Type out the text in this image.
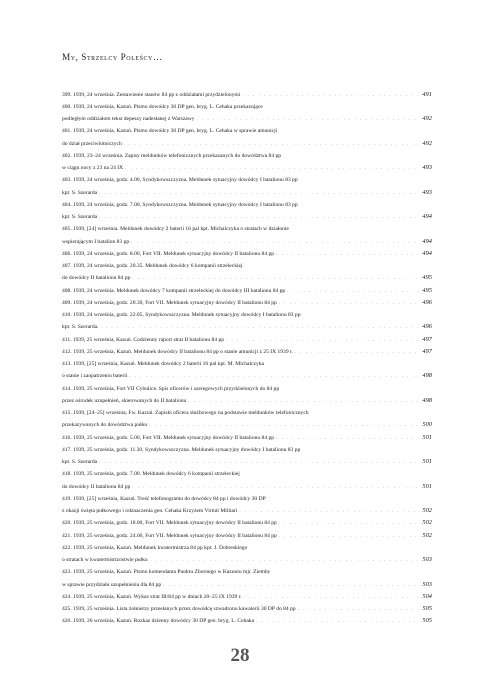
My, Strzelcy Poleścy…
399. 1939, 24 września. Zestawienie stanów 84 pp z oddziałami przydzielonymi . . .	491
400. 1939, 24 września, Kazuń. Pismo dowódcy 30 DP gen. bryg. L. Cehaka przekazujące
podległym oddziałom tekst depeszy nadesłanej z Warszawy . . .	492
401. 1939, 24 września, Kazuń. Pismo dowódcy 30 DP gen. bryg. L. Cehaka w sprawie amunicji
do dział przeciwlotniczych . . .	492
402. 1939, 23–24 września. Zapisy meldunków telefonicznych przekazanych do dowództwa 84 pp
w ciągu nocy z 23 na 24 IX . . .	493
403. 1939, 24 września, godz. 4.00, Syndykowszczyzna. Meldunek sytuacyjny dowódcy I batalionu 83 pp
kpt. S. Szerarda . . .	493
404. 1939, 24 września, godz. 7.00, Syndykowszczyzna. Meldunek sytuacyjny dowódcy I batalionu 83 pp
kpt. S. Szerarda . . .	494
405. 1939, [24] września. Meldunek dowódcy 2 baterii 16 pal kpt. Michalczyka o stratach w działonie
wspierającym I batalion 83 pp . . .	494
406. 1939, 24 września, godz. 8.00, Fort VII. Meldunek sytuacyjny dowódcy II batalionu 84 pp . . .	494
407. 1939, 24 września, godz. 20.35. Meldunek dowódcy 6 kompanii strzeleckiej
do dowódcy II batalionu 84 pp . . .	495
408. 1939, 24 września. Meldunek dowódcy 7 kompanii strzeleckiej do dowódcy III batalionu 84 pp . . .	495
409. 1939, 24 września, godz. 20.30, Fort VII. Meldunek sytuacyjny dowódcy II batalionu 84 pp . . .	496
410. 1939, 24 września, godz. 22.05, Syndykowszczyzna. Meldunek sytuacyjny dowódcy I batalionu 83 pp
kpt. S. Szerarda. . . .	496
411. 1939, 25 września, Kazuń. Codzienny raport strat II batalionu 84 pp . . .	497
412. 1939, 25 września, Kazuń. Meldunek dowódcy II batalionu 84 pp o stanie amunicji z 25 IX 1939 r. . . .	497
413. 1939, [25] września, Kazuń. Meldunek dowódcy 2 baterii 16 pal kpt. M. Michalczyka
o stanie i zaopatrzeniu baterii . . .	498
414. 1939, 25 września, Fort VII Cybulice. Spis oficerów i szeregowych przydzielonych do 84 pp
przez ośrodek uzupełnień, skierowanych do II batalionu . . .	498
415. 1939, [24–25] września, Fw. Kazuń. Zapiski oficera służbowego na podstawie meldunków telefonicznych
przekazywanych do dowództwa pułku . . .	500
416. 1939, 25 września, godz. 5.00, Fort VII. Meldunek sytuacyjny dowódcy II batalionu 84 pp . . .	501
417. 1939, 25 września, godz. 11.30, Syndykowszczyzna. Meldunek sytuacyjny dowódcy I batalionu 83 pp
kpt. S. Szerarda . . .	501
418. 1939, 25 września, godz. 7.00. Meldunek dowódcy 6 kompanii strzeleckiej
do dowódcy II batalionu 84 pp . . .	501
419. 1939, [25] września, Kazuń. Treść telefonogramu do dowódcy 84 pp i dowódcy 30 DP
z okazji święta pułkowego i odznaczenia gen. Cehaka Krzyżem Virtuti Militari . . .	502
420. 1939, 25 września, godz. 18.00, Fort VII. Meldunek sytuacyjny dowódcy II batalionu 84 pp . . .	502
421. 1939, 25 września, godz. 24.00, Fort VII. Meldunek sytuacyjny dowódcy II batalionu 84 pp . . .	502
422. 1939, 25 września, Kazuń. Meldunek kwatermistrza 84 pp kpt. J. Dobreskiego
o stratach w kwatermistrzostwie pułku . . .	503
423. 1939, 25 września, Kazuń. Pismo komendanta Punktu Zbornego w Kazuniu mjr. Ziemby
w sprawie przydziału uzupełnienia dla 84 pp . . .	503
424. 1939, 25 września, Kazuń. Wykaz strat III/84 pp w dniach 20–25 IX 1939 r. . . .	504
425. 1939, 25 września. Lista żołnierzy przesłanych przez dowódcę szwadronu kawalerii 30 DP do 84 pp . . .	505
426. 1939, 26 września, Kazuń. Rozkaz dzienny dowódcy 30 DP gen. bryg. L. Cehaka . . .	505
28
